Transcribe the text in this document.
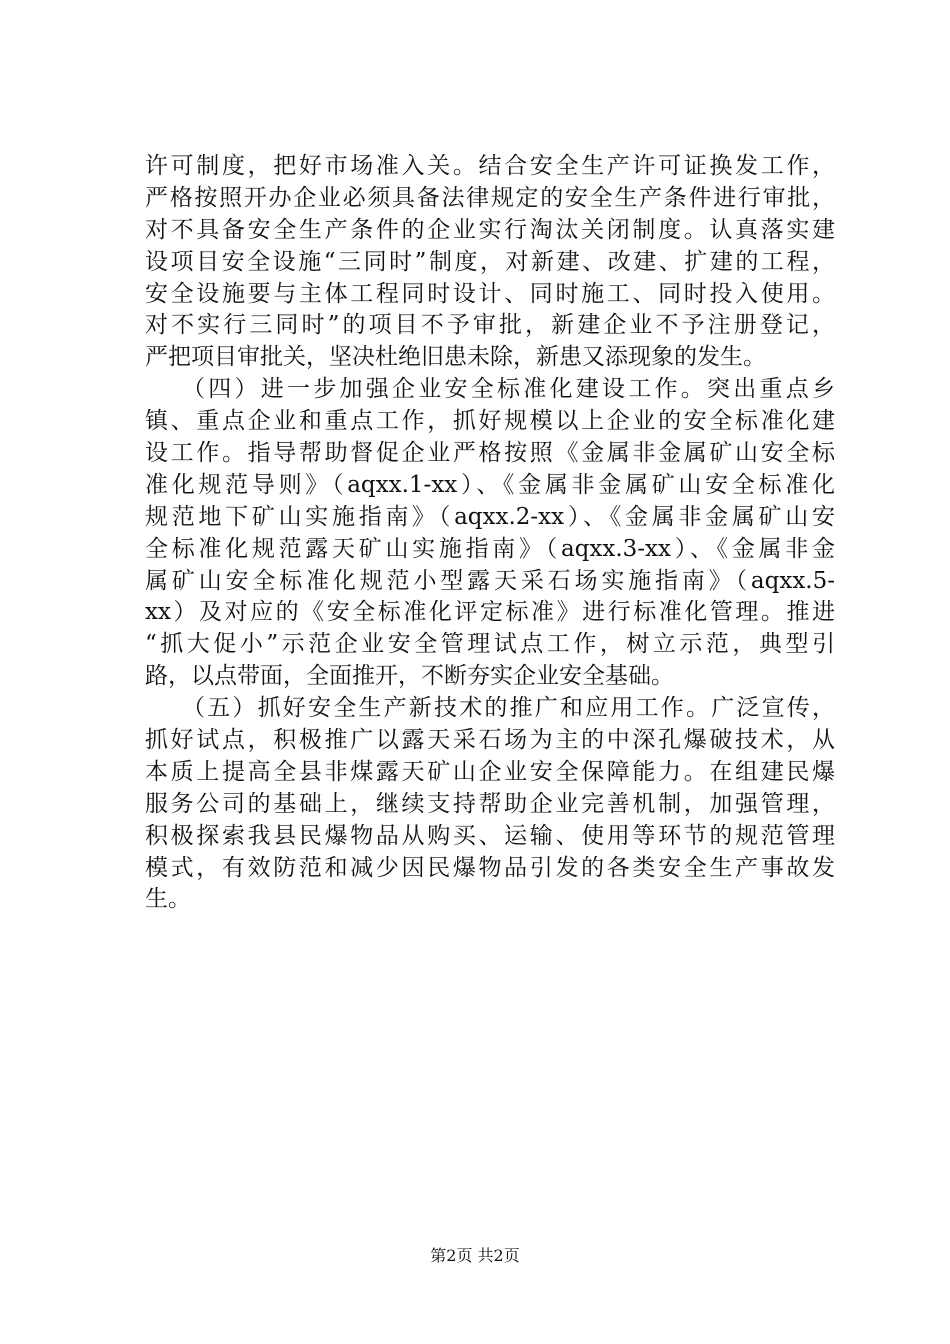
许可制度，把好市场准入关。结合安全生产许可证换发工作，
严格按照开办企业必须具备法律规定的安全生产条件进行审批，
对不具备安全生产条件的企业实行淘汰关闭制度。认真落实建
设项目安全设施“三同时”制度，对新建、改建、扩建的工程，
安全设施要与主体工程同时设计、同时施工、同时投入使用。
对不实行三同时”的项目不予审批，新建企业不予注册登记，
严把项目审批关，坚决杜绝旧患未除，新患又添现象的发生。
（四）进一步加强企业安全标准化建设工作。突出重点乡
镇、重点企业和重点工作，抓好规模以上企业的安全标准化建
设工作。指导帮助督促企业严格按照《金属非金属矿山安全标
准化规范导则》（aqxx.1-xx）、《金属非金属矿山安全标准化
规范地下矿山实施指南》（aqxx.2-xx）、《金属非金属矿山安
全标准化规范露天矿山实施指南》（aqxx.3-xx）、《金属非金
属矿山安全标准化规范小型露天采石场实施指南》（aqxx.5-
xx）及对应的《安全标准化评定标准》进行标准化管理。推进
“抓大促小”示范企业安全管理试点工作，树立示范，典型引
路，以点带面，全面推开，不断夯实企业安全基础。
（五）抓好安全生产新技术的推广和应用工作。广泛宣传，
抓好试点，积极推广以露天采石场为主的中深孔爆破技术，从
本质上提高全县非煤露天矿山企业安全保障能力。在组建民爆
服务公司的基础上，继续支持帮助企业完善机制，加强管理，
积极探索我县民爆物品从购买、运输、使用等环节的规范管理
模式，有效防范和减少因民爆物品引发的各类安全生产事故发
生。
第2页 共2页
